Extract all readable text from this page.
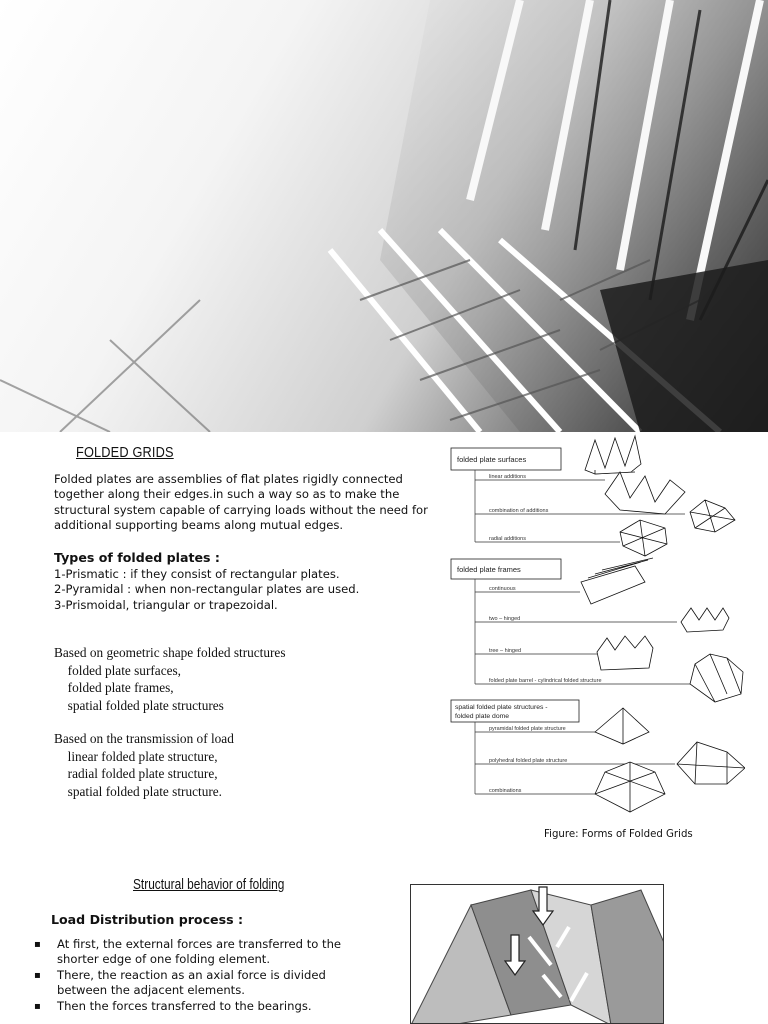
FOLDED GRIDS
Folded plates are assemblies of flat plates rigidly connected together along their edges.in such a way so as to make the structural system capable of carrying loads without the need for additional supporting beams along mutual edges.
Types of folded plates :
1-Prismatic : if they consist of rectangular plates.
2-Pyramidal : when non-rectangular plates are used.
3-Prismoidal, triangular or trapezoidal.
Based on geometric shape folded structures
folded plate surfaces,
folded plate frames,
spatial folded plate structures
Based on the transmission of load
linear folded plate structure,
radial folded plate structure,
spatial folded plate structure.
folded plate surfaces
folded plate frames
spatial folded plate structures - folded plate dome
linear additions
combination of additions
radial additions
continuous
two – hinged
tree – hinged
folded plate barrel - cylindrical folded structure
pyramidal folded plate structure
polyhedral folded plate structure
combinations
Figure: Forms of Folded Grids
Structural behavior of folding
Load Distribution process :
▪ At first, the external forces are transferred to the shorter edge of one folding element.
▪ There, the reaction as an axial force is divided between the adjacent elements.
▪ Then the forces transferred to the bearings.
